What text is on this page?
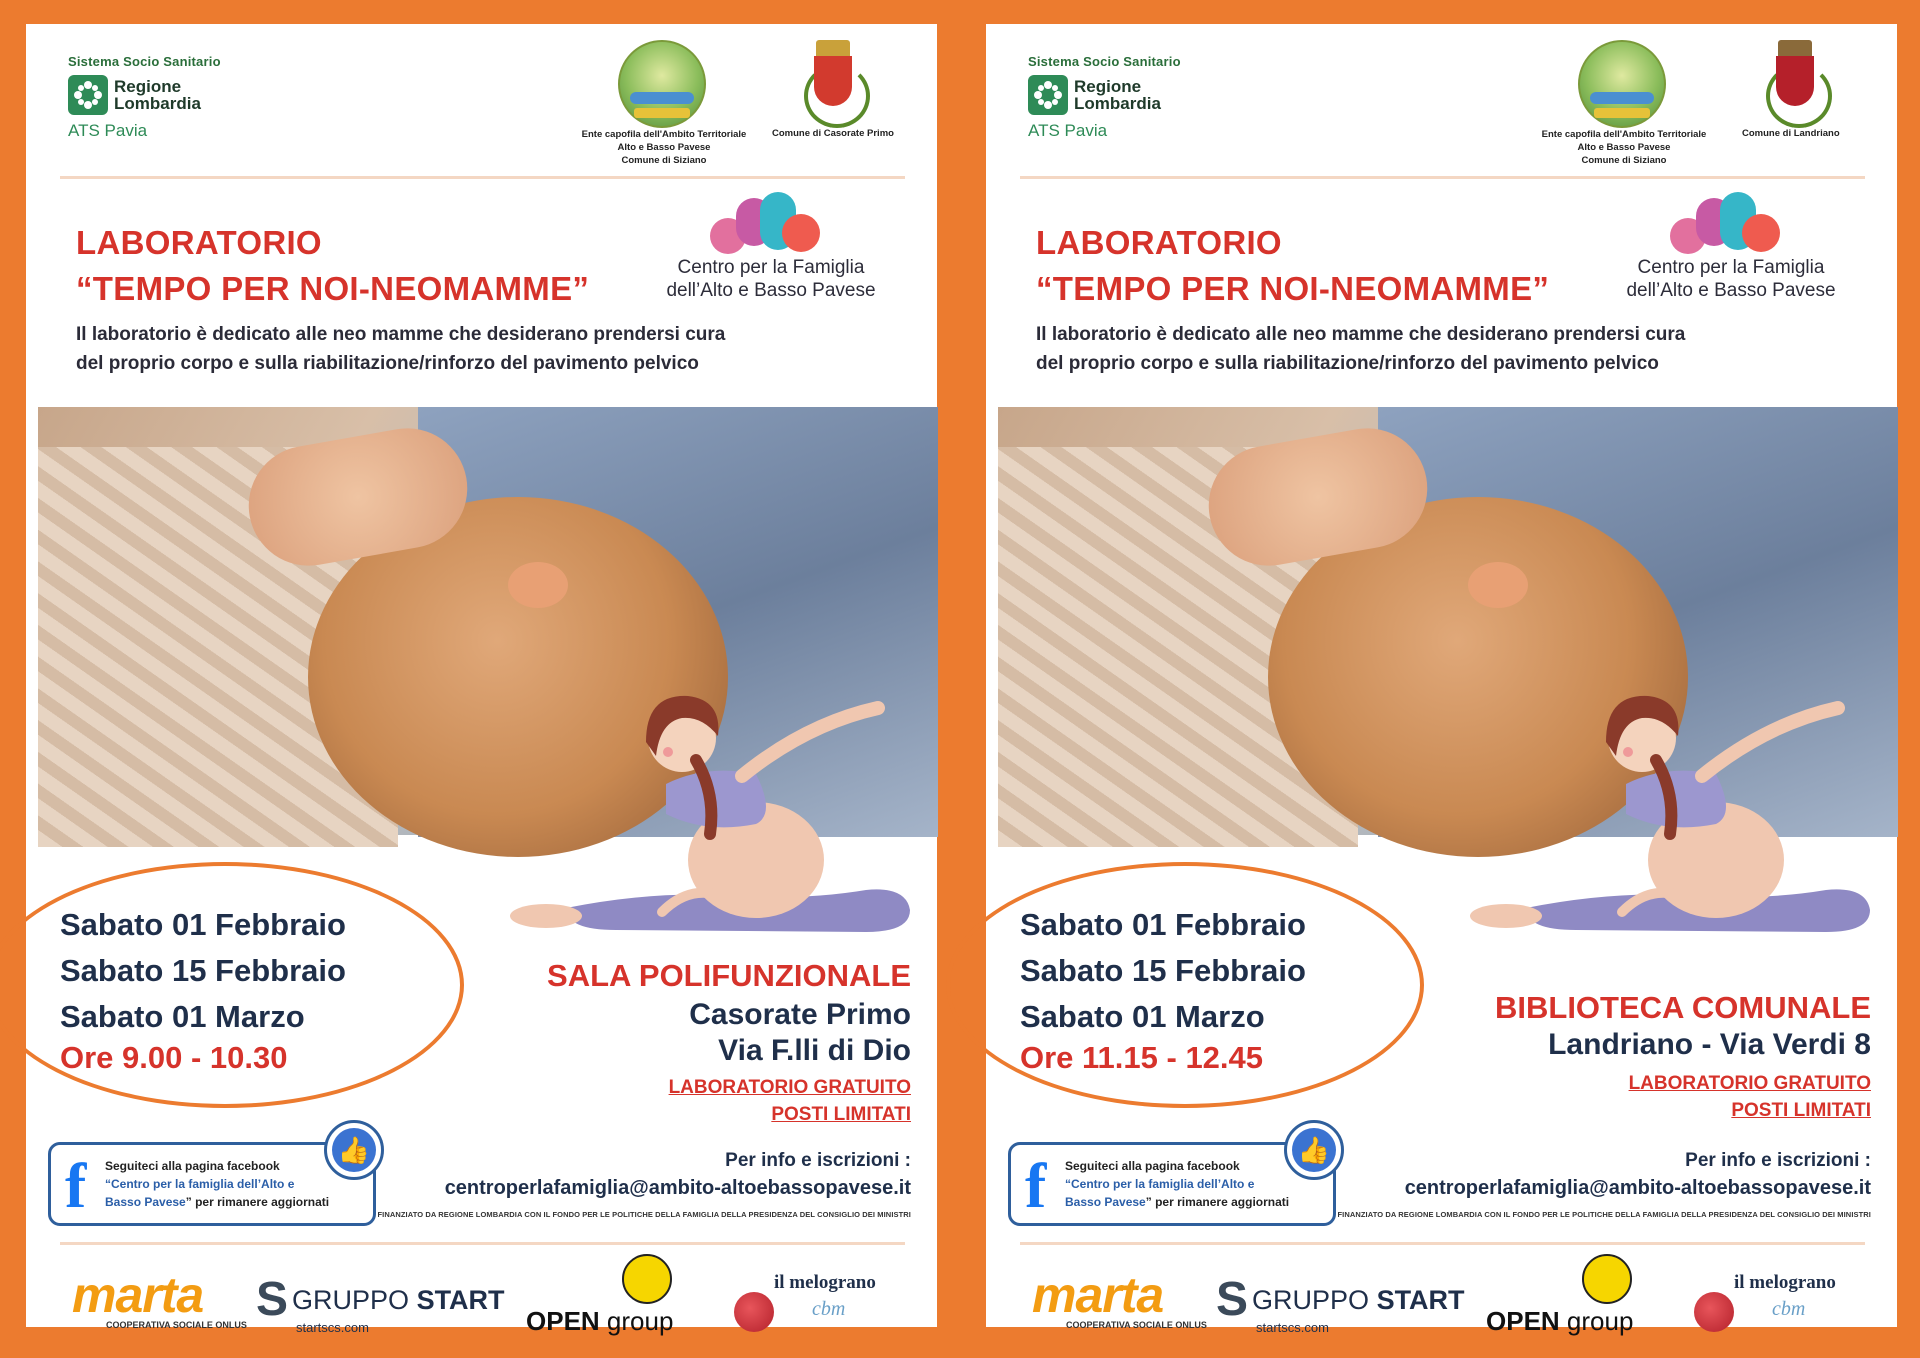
Sistema Socio Sanitario
Regione
Lombardia
ATS Pavia	Ente capofila dell'Ambito Territoriale
Alto e Basso Pavese
Comune di Siziano
Comune di Casorate Primo
LABORATORIO
“TEMPO PER NOI-NEOMAMME”
Centro per la Famiglia
dell’Alto e Basso Pavese
Il laboratorio è dedicato alle neo mamme che desiderano prendersi cura
del proprio corpo e sulla riabilitazione/rinforzo del pavimento pelvico
Sabato 01 Febbraio
Sabato 15 Febbraio
Sabato 01 Marzo
Ore 9.00 - 10.30
SALA POLIFUNZIONALE
Casorate Primo
Via F.lli di Dio
LABORATORIO GRATUITO
POSTI LIMITATI
Per info e iscrizioni :
centroperlafamiglia@ambito-altoebassopavese.it
FINANZIATO DA REGIONE LOMBARDIA CON IL FONDO PER LE POLITICHE DELLA FAMIGLIA DELLA PRESIDENZA DEL CONSIGLIO DEI MINISTRI
f	Seguiteci alla pagina facebook
“Centro per la famiglia dell’Alto e
Basso Pavese” per rimanere aggiornati
👍
marta
COOPERATIVA SOCIALE ONLUS S GRUPPO START
startscs.com	OPEN group
il melograno
cbm
Sistema Socio Sanitario
Regione
Lombardia
ATS Pavia	Ente capofila dell'Ambito Territoriale
Alto e Basso Pavese
Comune di Siziano
Comune di Landriano
LABORATORIO
“TEMPO PER NOI-NEOMAMME”
Centro per la Famiglia
dell’Alto e Basso Pavese
Il laboratorio è dedicato alle neo mamme che desiderano prendersi cura
del proprio corpo e sulla riabilitazione/rinforzo del pavimento pelvico
Sabato 01 Febbraio
Sabato 15 Febbraio
Sabato 01 Marzo
Ore 11.15 - 12.45
BIBLIOTECA COMUNALE
Landriano - Via Verdi 8
LABORATORIO GRATUITO
POSTI LIMITATI
Per info e iscrizioni :
centroperlafamiglia@ambito-altoebassopavese.it
FINANZIATO DA REGIONE LOMBARDIA CON IL FONDO PER LE POLITICHE DELLA FAMIGLIA DELLA PRESIDENZA DEL CONSIGLIO DEI MINISTRI
f	Seguiteci alla pagina facebook
“Centro per la famiglia dell’Alto e
Basso Pavese” per rimanere aggiornati
👍
marta
COOPERATIVA SOCIALE ONLUS S GRUPPO START
startscs.com	OPEN group
il melograno
cbm
